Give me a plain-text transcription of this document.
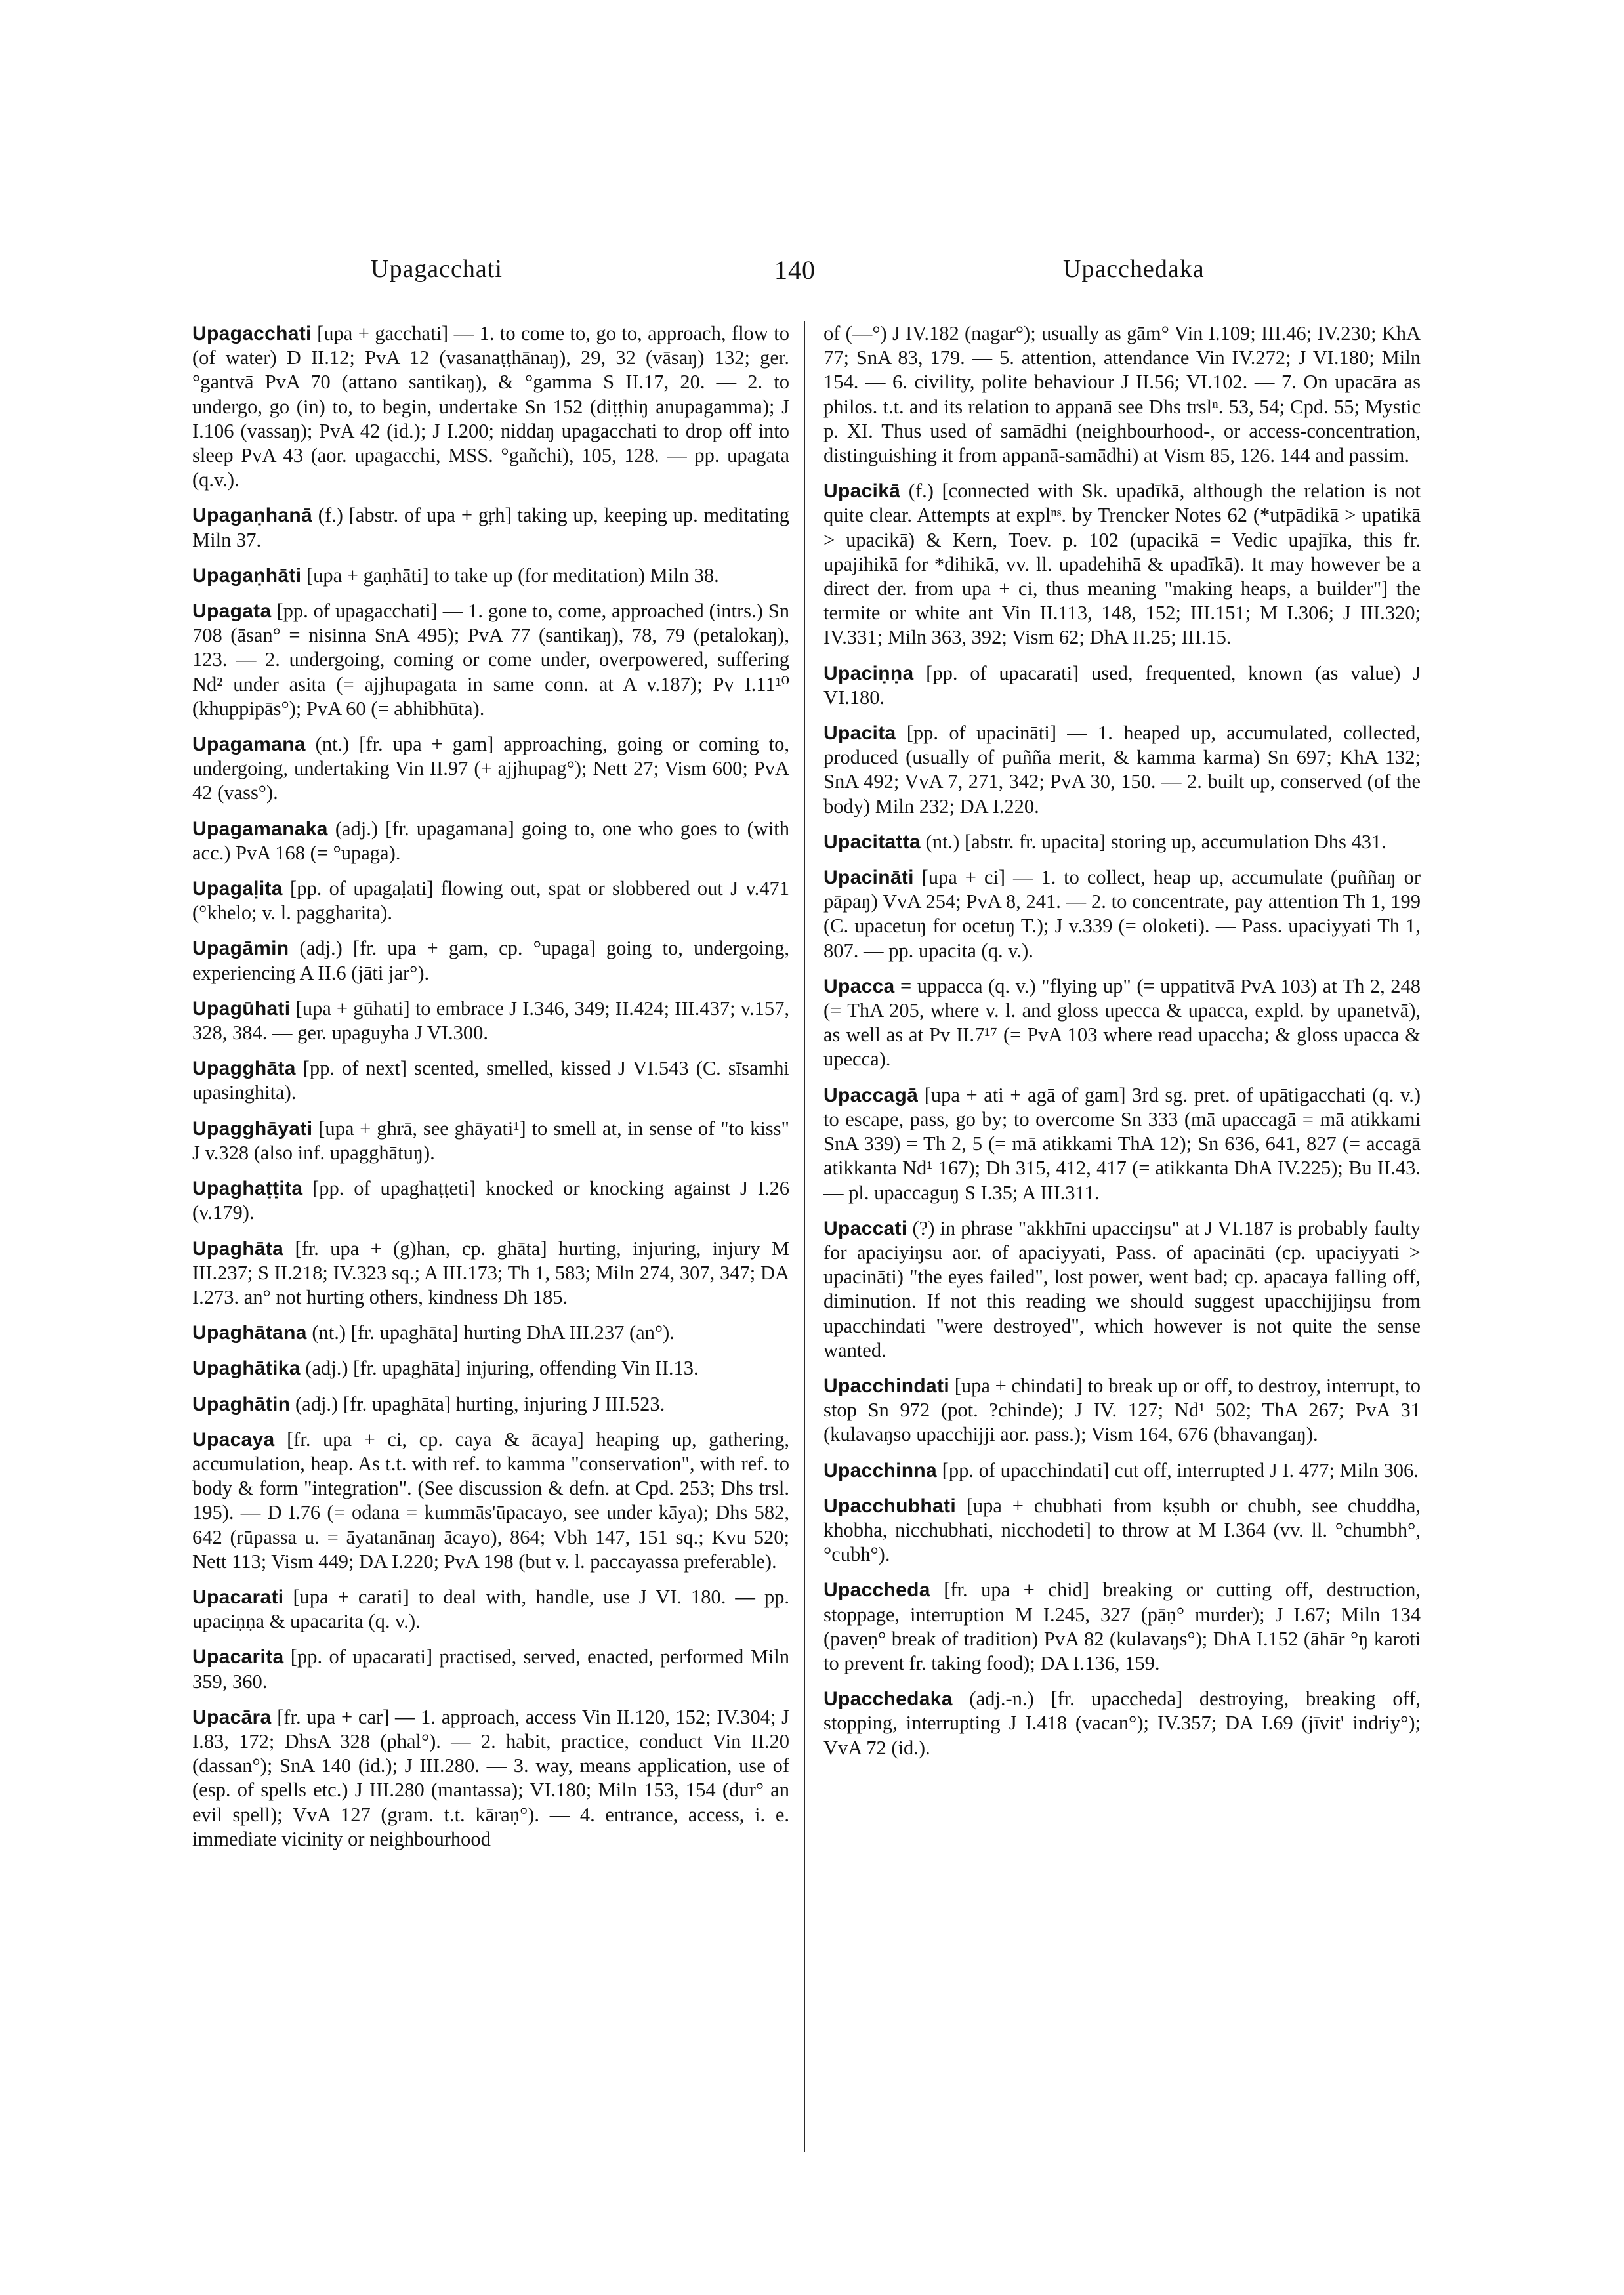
Upagacchati	140	Upacchedaka

Upagacchati [upa + gacchati] — 1. to come to, go to, approach, flow to (of water) D II.12; PvA 12 (vasanaṭṭhānaŋ), 29, 32 (vāsaŋ) 132; ger. °gantvā PvA 70 (attano santikaŋ), & °gamma S II.17, 20. — 2. to undergo, go (in) to, to begin, undertake Sn 152 (diṭṭhiŋ anupagamma); J I.106 (vassaŋ); PvA 42 (id.); J I.200; niddaŋ upagacchati to drop off into sleep PvA 43 (aor. upagacchi, MSS. °gañchi), 105, 128. — pp. upagata (q.v.).

Upagaṇhanā (f.) [abstr. of upa + gṛh] taking up, keeping up. meditating Miln 37.

Upagaṇhāti [upa + gaṇhāti] to take up (for meditation) Miln 38.

Upagata [pp. of upagacchati] — 1. gone to, come, approached (intrs.) Sn 708 (āsan° = nisinna SnA 495); PvA 77 (santikaŋ), 78, 79 (petalokaŋ), 123. — 2. undergoing, coming or come under, overpowered, suffering Nd² under asita (= ajjhupagata in same conn. at A v.187); Pv I.11¹⁰ (khuppipās°); PvA 60 (= abhibhūta).

Upagamana (nt.) [fr. upa + gam] approaching, going or coming to, undergoing, undertaking Vin II.97 (+ ajjhupag°); Nett 27; Vism 600; PvA 42 (vass°).

Upagamanaka (adj.) [fr. upagamana] going to, one who goes to (with acc.) PvA 168 (= °upaga).

Upagaḷita [pp. of upagaḷati] flowing out, spat or slobbered out J v.471 (°khelo; v. l. paggharita).

Upagāmin (adj.) [fr. upa + gam, cp. °upaga] going to, undergoing, experiencing A II.6 (jāti jar°).

Upagūhati [upa + gūhati] to embrace J I.346, 349; II.424; III.437; v.157, 328, 384. — ger. upaguyha J VI.300.

Upagghāta [pp. of next] scented, smelled, kissed J VI.543 (C. sīsamhi upasinghita).

Upagghāyati [upa + ghrā, see ghāyati¹] to smell at, in sense of "to kiss" J v.328 (also inf. upagghātuŋ).

Upaghaṭṭita [pp. of upaghaṭṭeti] knocked or knocking against J I.26 (v.179).

Upaghāta [fr. upa + (g)han, cp. ghāta] hurting, injuring, injury M III.237; S II.218; IV.323 sq.; A III.173; Th 1, 583; Miln 274, 307, 347; DA I.273. an° not hurting others, kindness Dh 185.

Upaghātana (nt.) [fr. upaghāta] hurting DhA III.237 (an°).

Upaghātika (adj.) [fr. upaghāta] injuring, offending Vin II.13.

Upaghātin (adj.) [fr. upaghāta] hurting, injuring J III.523.

Upacaya [fr. upa + ci, cp. caya & ācaya] heaping up, gathering, accumulation, heap. As t.t. with ref. to kamma "conservation", with ref. to body & form "integration". (See discussion & defn. at Cpd. 253; Dhs trsl. 195). — D I.76 (= odana = kummās'ūpacayo, see under kāya); Dhs 582, 642 (rūpassa u. = āyatanānaŋ ācayo), 864; Vbh 147, 151 sq.; Kvu 520; Nett 113; Vism 449; DA I.220; PvA 198 (but v. l. paccayassa preferable).

Upacarati [upa + carati] to deal with, handle, use J VI. 180. — pp. upaciṇṇa & upacarita (q. v.).

Upacarita [pp. of upacarati] practised, served, enacted, performed Miln 359, 360.

Upacāra [fr. upa + car] — 1. approach, access Vin II.120, 152; IV.304; J I.83, 172; DhsA 328 (phal°). — 2. habit, practice, conduct Vin II.20 (dassan°); SnA 140 (id.); J III.280. — 3. way, means application, use of (esp. of spells etc.) J III.280 (mantassa); VI.180; Miln 153, 154 (dur° an evil spell); VvA 127 (gram. t.t. kāraṇ°). — 4. entrance, access, i. e. immediate vicinity or neighbourhood

of (—°) J IV.182 (nagar°); usually as gām° Vin I.109; III.46; IV.230; KhA 77; SnA 83, 179. — 5. attention, attendance Vin IV.272; J VI.180; Miln 154. — 6. civility, polite behaviour J II.56; VI.102. — 7. On upacāra as philos. t.t. and its relation to appanā see Dhs trslⁿ. 53, 54; Cpd. 55; Mystic p. XI. Thus used of samādhi (neighbourhood-, or access-concentration, distinguishing it from appanā-samādhi) at Vism 85, 126. 144 and passim.

Upacikā (f.) [connected with Sk. upadīkā, although the relation is not quite clear. Attempts at explⁿˢ. by Trencker Notes 62 (*utpādikā > upatikā > upacikā) & Kern, Toev. p. 102 (upacikā = Vedic upajīka, this fr. upajihikā for *dihikā, vv. ll. upadehihā & upadīkā). It may however be a direct der. from upa + ci, thus meaning "making heaps, a builder"] the termite or white ant Vin II.113, 148, 152; III.151; M I.306; J III.320; IV.331; Miln 363, 392; Vism 62; DhA II.25; III.15.

Upaciṇṇa [pp. of upacarati] used, frequented, known (as value) J VI.180.

Upacita [pp. of upacināti] — 1. heaped up, accumulated, collected, produced (usually of puñña merit, & kamma karma) Sn 697; KhA 132; SnA 492; VvA 7, 271, 342; PvA 30, 150. — 2. built up, conserved (of the body) Miln 232; DA I.220.

Upacitatta (nt.) [abstr. fr. upacita] storing up, accumulation Dhs 431.

Upacināti [upa + ci] — 1. to collect, heap up, accumulate (puññaŋ or pāpaŋ) VvA 254; PvA 8, 241. — 2. to concentrate, pay attention Th 1, 199 (C. upacetuŋ for ocetuŋ T.); J v.339 (= oloketi). — Pass. upaciyyati Th 1, 807. — pp. upacita (q. v.).

Upacca = uppacca (q. v.) "flying up" (= uppatitvā PvA 103) at Th 2, 248 (= ThA 205, where v. l. and gloss upecca & upacca, expld. by upanetvā), as well as at Pv II.7¹⁷ (= PvA 103 where read upaccha; & gloss upacca & upecca).

Upaccagā [upa + ati + agā of gam] 3rd sg. pret. of upātigacchati (q. v.) to escape, pass, go by; to overcome Sn 333 (mā upaccagā = mā atikkami SnA 339) = Th 2, 5 (= mā atikkami ThA 12); Sn 636, 641, 827 (= accagā atikkanta Nd¹ 167); Dh 315, 412, 417 (= atikkanta DhA IV.225); Bu II.43. — pl. upaccaguŋ S I.35; A III.311.

Upaccati (?) in phrase "akkhīni upacciŋsu" at J VI.187 is probably faulty for apaciyiŋsu aor. of apaciyyati, Pass. of apacināti (cp. upaciyyati > upacināti) "the eyes failed", lost power, went bad; cp. apacaya falling off, diminution. If not this reading we should suggest upacchijjiŋsu from upacchindati "were destroyed", which however is not quite the sense wanted.

Upacchindati [upa + chindati] to break up or off, to destroy, interrupt, to stop Sn 972 (pot. ?chinde); J IV. 127; Nd¹ 502; ThA 267; PvA 31 (kulavaŋso upacchijji aor. pass.); Vism 164, 676 (bhavangaŋ).

Upacchinna [pp. of upacchindati] cut off, interrupted J I. 477; Miln 306.

Upacchubhati [upa + chubhati from kṣubh or chubh, see chuddha, khobha, nicchubhati, nicchodeti] to throw at M I.364 (vv. ll. °chumbh°, °cubh°).

Upaccheda [fr. upa + chid] breaking or cutting off, destruction, stoppage, interruption M I.245, 327 (pāṇ° murder); J I.67; Miln 134 (paveṇ° break of tradition) PvA 82 (kulavaŋs°); DhA I.152 (āhār °ŋ karoti to prevent fr. taking food); DA I.136, 159.

Upacchedaka (adj.-n.) [fr. upaccheda] destroying, breaking off, stopping, interrupting J I.418 (vacan°); IV.357; DA I.69 (jīvit' indriy°); VvA 72 (id.).
